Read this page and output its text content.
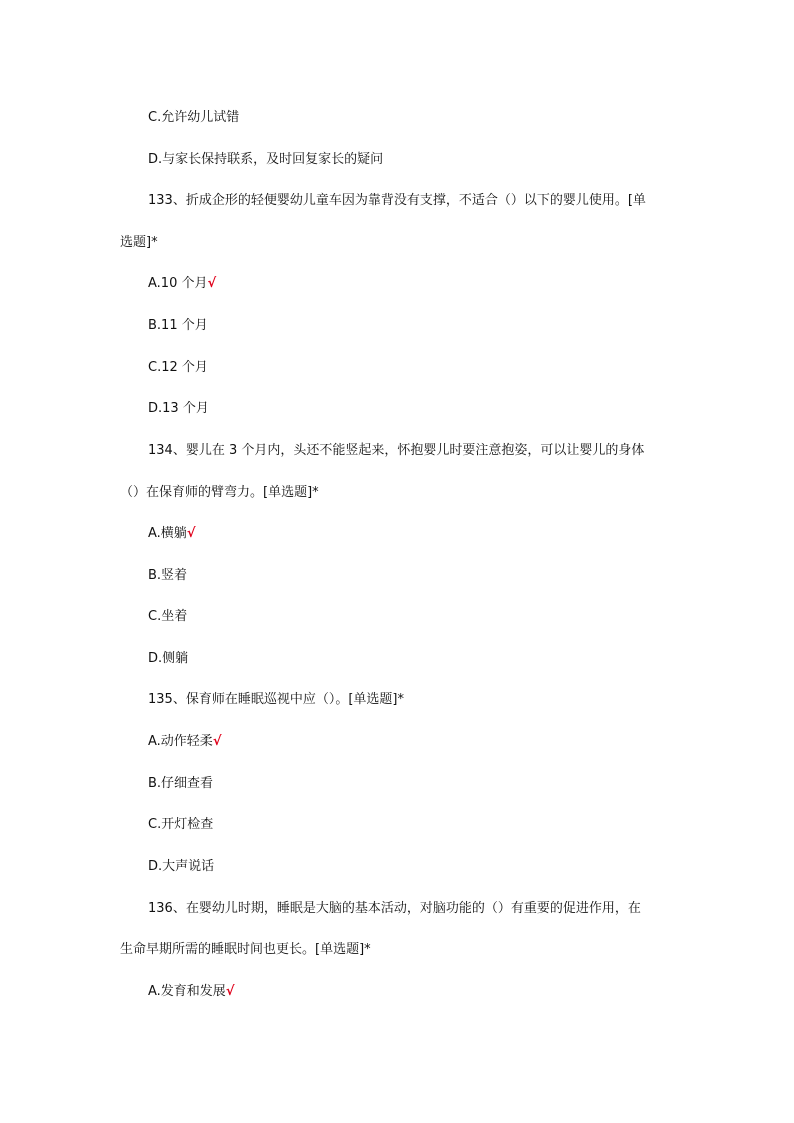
C.允许幼儿试错
D.与家长保持联系，及时回复家长的疑问
133、折成企形的轻便婴幼儿童车因为靠背没有支撑，不适合（）以下的婴儿使用。[单
选题]*
A.10 个月√
B.11 个月
C.12 个月
D.13 个月
134、婴儿在 3 个月内，头还不能竖起来，怀抱婴儿时要注意抱姿，可以让婴儿的身体
（）在保育师的臂弯力。[单选题]*
A.横躺√
B.竖着
C.坐着
D.侧躺
135、保育师在睡眠巡视中应（）。[单选题]*
A.动作轻柔√
B.仔细查看
C.开灯检查
D.大声说话
136、在婴幼儿时期，睡眠是大脑的基本活动，对脑功能的（）有重要的促进作用，在
生命早期所需的睡眠时间也更长。[单选题]*
A.发育和发展√
